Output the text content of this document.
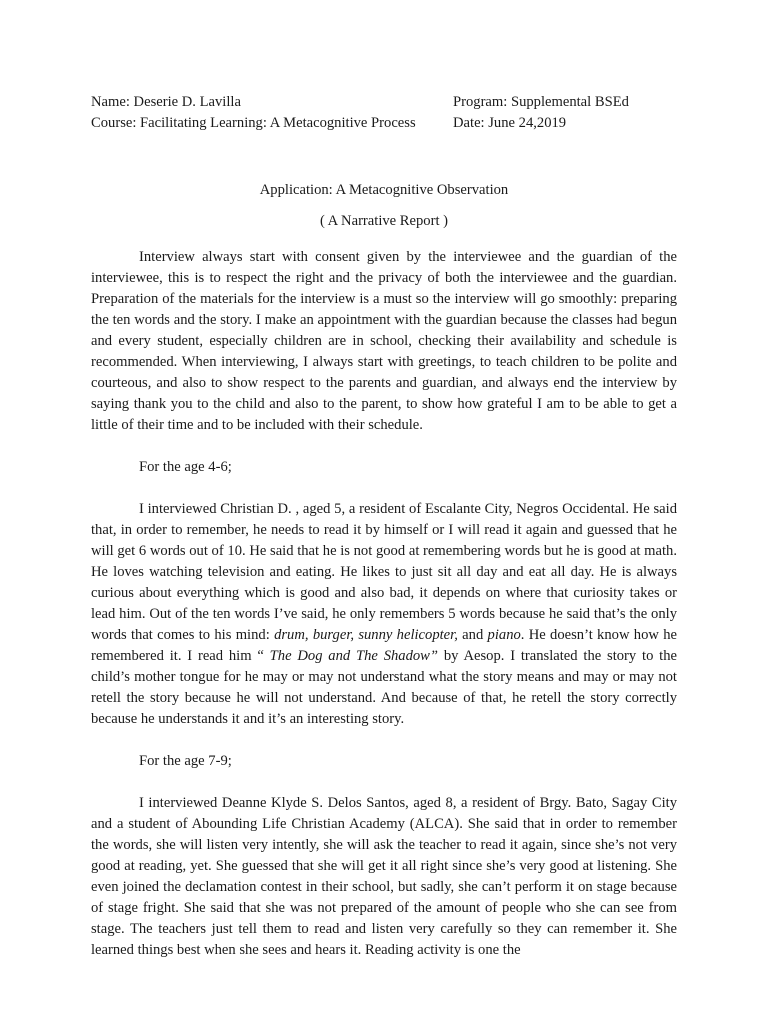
Name: Deserie D. Lavilla	Program: Supplemental BSEd
Course: Facilitating Learning: A Metacognitive Process	Date: June 24,2019
Application: A Metacognitive Observation
( A Narrative Report )

Interview always start with consent given by the interviewee and the guardian of the interviewee, this is to respect the right and the privacy of both the interviewee and the guardian. Preparation of the materials for the interview is a must so the interview will go smoothly: preparing the ten words and the story. I make an appointment with the guardian because the classes had begun and every student, especially children are in school, checking their availability and schedule is recommended. When interviewing, I always start with greetings, to teach children to be polite and courteous, and also to show respect to the parents and guardian, and always end the interview by saying thank you to the child and also to the parent, to show how grateful I am to be able to get a little of their time and to be included with their schedule.

For the age 4-6;

I interviewed Christian D. , aged 5, a resident of Escalante City, Negros Occidental. He said that, in order to remember, he needs to read it by himself or I will read it again and guessed that he will get 6 words out of 10. He said that he is not good at remembering words but he is good at math. He loves watching television and eating. He likes to just sit all day and eat all day. He is always curious about everything which is good and also bad, it depends on where that curiosity takes or lead him. Out of the ten words I’ve said, he only remembers 5 words because he said that’s the only words that comes to his mind: drum, burger, sunny helicopter, and piano. He doesn’t know how he remembered it. I read him “ The Dog and The Shadow” by Aesop. I translated the story to the child’s mother tongue for he may or may not understand what the story means and may or may not retell the story because he will not understand. And because of that, he retell the story correctly because he understands it and it’s an interesting story.

For the age 7-9;

I interviewed Deanne Klyde S. Delos Santos, aged 8, a resident of Brgy. Bato, Sagay City and a student of Abounding Life Christian Academy (ALCA). She said that in order to remember the words, she will listen very intently, she will ask the teacher to read it again, since she’s not very good at reading, yet. She guessed that she will get it all right since she’s very good at listening. She even joined the declamation contest in their school, but sadly, she can’t perform it on stage because of stage fright. She said that she was not prepared of the amount of people who she can see from stage. The teachers just tell them to read and listen very carefully so they can remember it. She learned things best when she sees and hears it. Reading activity is one the
